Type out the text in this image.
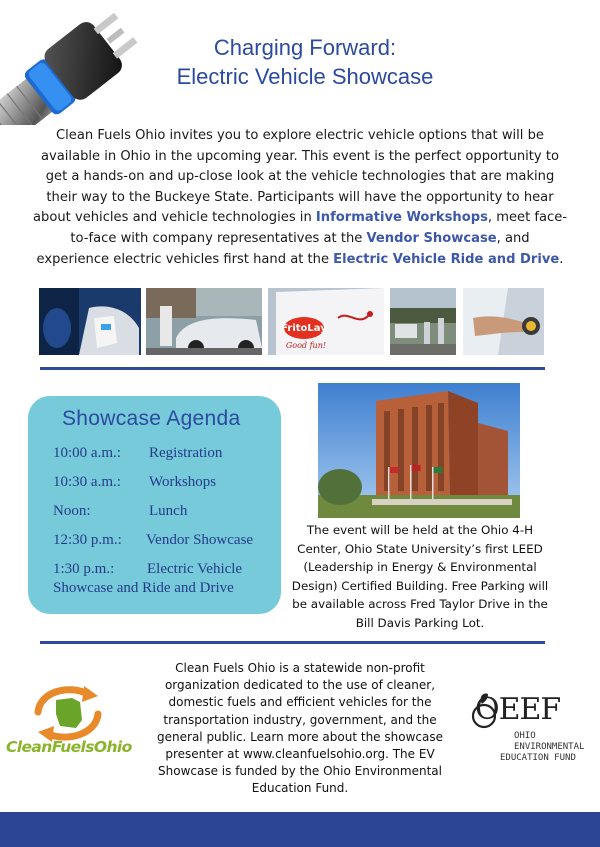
Charging Forward:
Electric Vehicle Showcase
Clean Fuels Ohio invites you to explore electric vehicle options that will be available in Ohio in the upcoming year. This event is the perfect opportunity to get a hands-on and up-close look at the vehicle technologies that are making their way to the Buckeye State. Participants will have the opportunity to hear about vehicles and vehicle technologies in Informative Workshops, meet face-to-face with company representatives at the Vendor Showcase, and experience electric vehicles first hand at the Electric Vehicle Ride and Drive.
FritoLay
Good fun!
Showcase Agenda
10:00 a.m.: Registration
10:30 a.m.: Workshops
Noon:	Lunch
12:30 p.m.: Vendor Showcase
1:30 p.m.: Electric Vehicle
Showcase and Ride and Drive
The event will be held at the Ohio 4-H Center, Ohio State University’s first LEED (Leadership in Energy & Environmental Design) Certified Building. Free Parking will be available across Fred Taylor Drive in the Bill Davis Parking Lot.
CleanFuelsOhio
Clean Fuels Ohio is a statewide non-profit organization dedicated to the use of cleaner, domestic fuels and efficient vehicles for the transportation industry, government, and the general public. Learn more about the showcase presenter at www.cleanfuelsohio.org. The EV Showcase is funded by the Ohio Environmental Education Fund.
OEEF
OHIO
ENVIRONMENTAL
EDUCATION FUND
